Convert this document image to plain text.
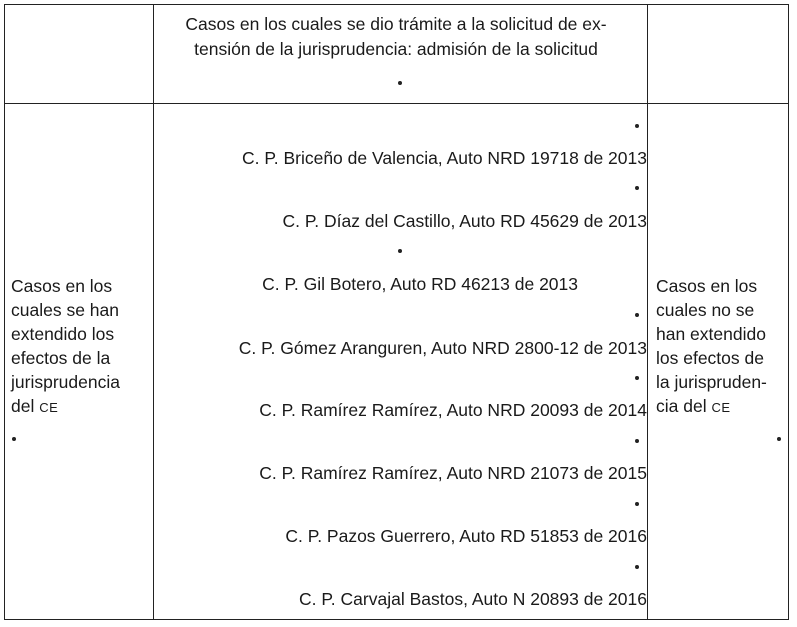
Casos en los cuales se dio trámite a la solicitud de ex-
tensión de la jurisprudencia: admisión de la solicitud
Casos en los
cuales se han
extendido los
efectos de la
jurisprudencia
del CE
Casos en los
cuales no se
han extendido
los efectos de
la jurispruden-
cia del CE
C. P. Briceño de Valencia, Auto NRD 19718 de 2013
C. P. Díaz del Castillo, Auto RD 45629 de 2013
C. P. Gil Botero, Auto RD 46213 de 2013
C. P. Gómez Aranguren, Auto NRD 2800-12 de 2013
C. P. Ramírez Ramírez, Auto NRD 20093 de 2014
C. P. Ramírez Ramírez, Auto NRD 21073 de 2015
C. P. Pazos Guerrero, Auto RD 51853 de 2016
C. P. Carvajal Bastos, Auto N 20893 de 2016
